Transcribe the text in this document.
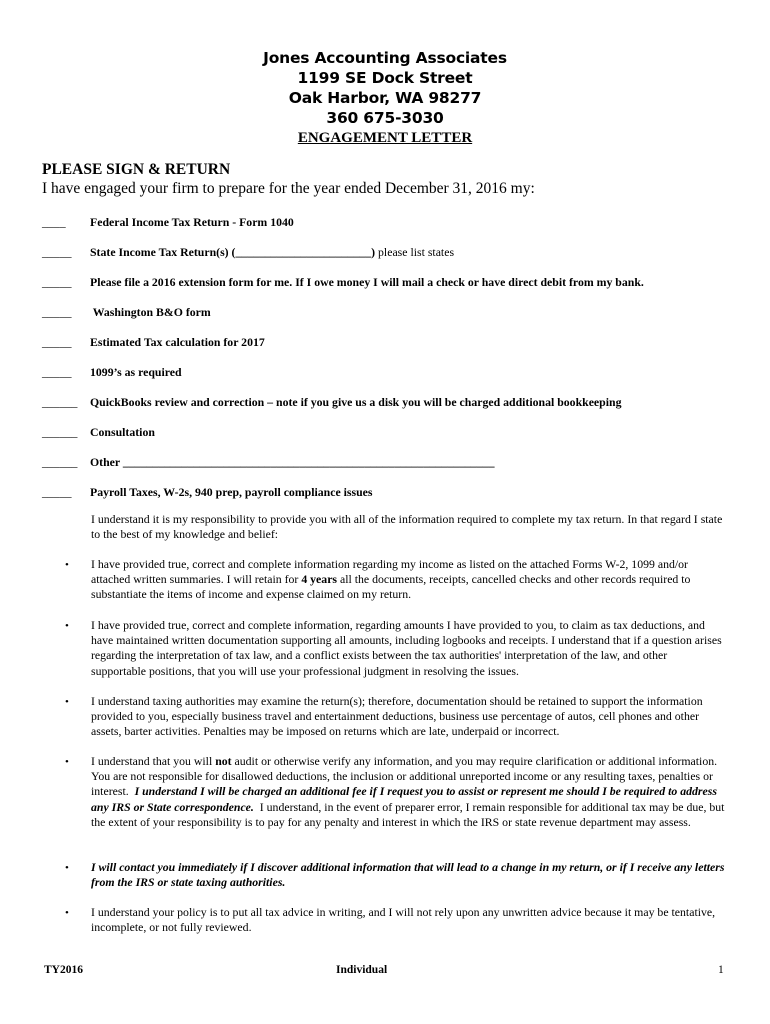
Jones Accounting Associates
1199 SE Dock Street
Oak Harbor, WA 98277
360 675-3030
ENGAGEMENT LETTER
PLEASE SIGN & RETURN
I have engaged your firm to prepare for the year ended December 31, 2016 my:
____ Federal Income Tax Return - Form 1040
_____ State Income Tax Return(s) (_______________________) please list states
_____ Please file a 2016 extension form for me. If I owe money I will mail a check or have direct debit from my bank.
_____ Washington B&O form
_____ Estimated Tax calculation for 2017
_____ 1099’s as required
______ QuickBooks review and correction – note if you give us a disk you will be charged additional bookkeeping
______ Consultation
______ Other _______________________________________________________________
_____ Payroll Taxes, W-2s, 940 prep, payroll compliance issues
I understand it is my responsibility to provide you with all of the information required to complete my tax return. In that regard I state to the best of my knowledge and belief:
• I have provided true, correct and complete information regarding my income as listed on the attached Forms W-2, 1099 and/or attached written summaries. I will retain for 4 years all the documents, receipts, cancelled checks and other records required to substantiate the items of income and expense claimed on my return.
• I have provided true, correct and complete information, regarding amounts I have provided to you, to claim as tax deductions, and have maintained written documentation supporting all amounts, including logbooks and receipts. I understand that if a question arises regarding the interpretation of tax law, and a conflict exists between the tax authorities' interpretation of the law, and other supportable positions, that you will use your professional judgment in resolving the issues.
• I understand taxing authorities may examine the return(s); therefore, documentation should be retained to support the information provided to you, especially business travel and entertainment deductions, business use percentage of autos, cell phones and other assets, barter activities. Penalties may be imposed on returns which are late, underpaid or incorrect.
• I understand that you will not audit or otherwise verify any information, and you may require clarification or additional information. You are not responsible for disallowed deductions, the inclusion or additional unreported income or any resulting taxes, penalties or interest.  I understand I will be charged an additional fee if I request you to assist or represent me should I be required to address any IRS or State correspondence.  I understand, in the event of preparer error, I remain responsible for additional tax may be due, but the extent of your responsibility is to pay for any penalty and interest in which the IRS or state revenue department may assess.
• I will contact you immediately if I discover additional information that will lead to a change in my return, or if I receive any letters from the IRS or state taxing authorities.
• I understand your policy is to put all tax advice in writing, and I will not rely upon any unwritten advice because it may be tentative, incomplete, or not fully reviewed.
TY2016	Individual	1
